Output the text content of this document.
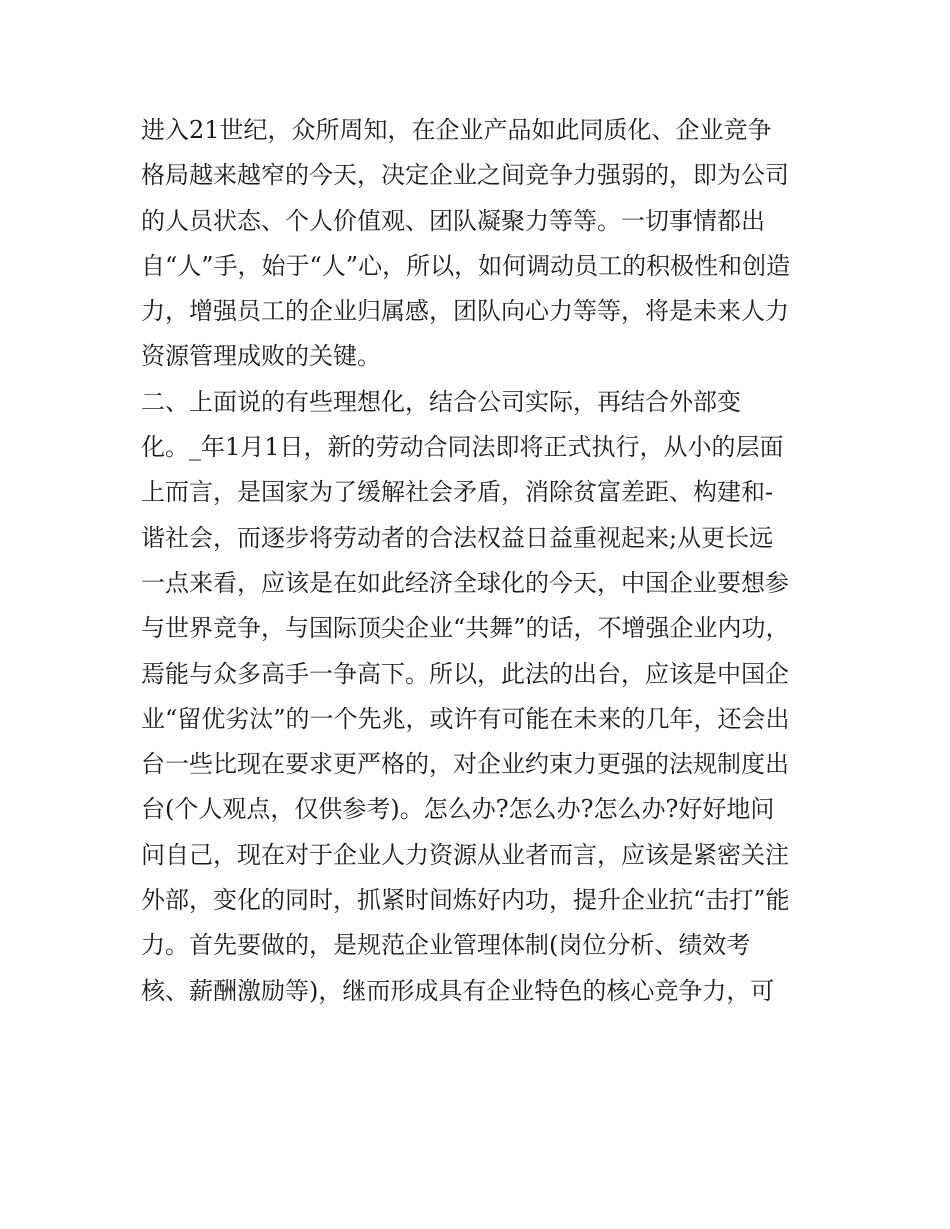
进入21世纪，众所周知，在企业产品如此同质化、企业竞争
格局越来越窄的今天，决定企业之间竞争力强弱的，即为公司
的人员状态、个人价值观、团队凝聚力等等。一切事情都出
自“人”手，始于“人”心，所以，如何调动员工的积极性和创造
力，增强员工的企业归属感，团队向心力等等，将是未来人力
资源管理成败的关键。
二、上面说的有些理想化，结合公司实际，再结合外部变
化。_年1月1日，新的劳动合同法即将正式执行，从小的层面
上而言，是国家为了缓解社会矛盾，消除贫富差距、构建和-
谐社会，而逐步将劳动者的合法权益日益重视起来;从更长远
一点来看，应该是在如此经济全球化的今天，中国企业要想参
与世界竞争，与国际顶尖企业“共舞”的话，不增强企业内功，
焉能与众多高手一争高下。所以，此法的出台，应该是中国企
业“留优劣汰”的一个先兆，或许有可能在未来的几年，还会出
台一些比现在要求更严格的，对企业约束力更强的法规制度出
台(个人观点，仅供参考)。怎么办?怎么办?怎么办?好好地问
问自己，现在对于企业人力资源从业者而言，应该是紧密关注
外部，变化的同时，抓紧时间炼好内功，提升企业抗“击打”能
力。首先要做的，是规范企业管理体制(岗位分析、绩效考
核、薪酬激励等)，继而形成具有企业特色的核心竞争力，可
